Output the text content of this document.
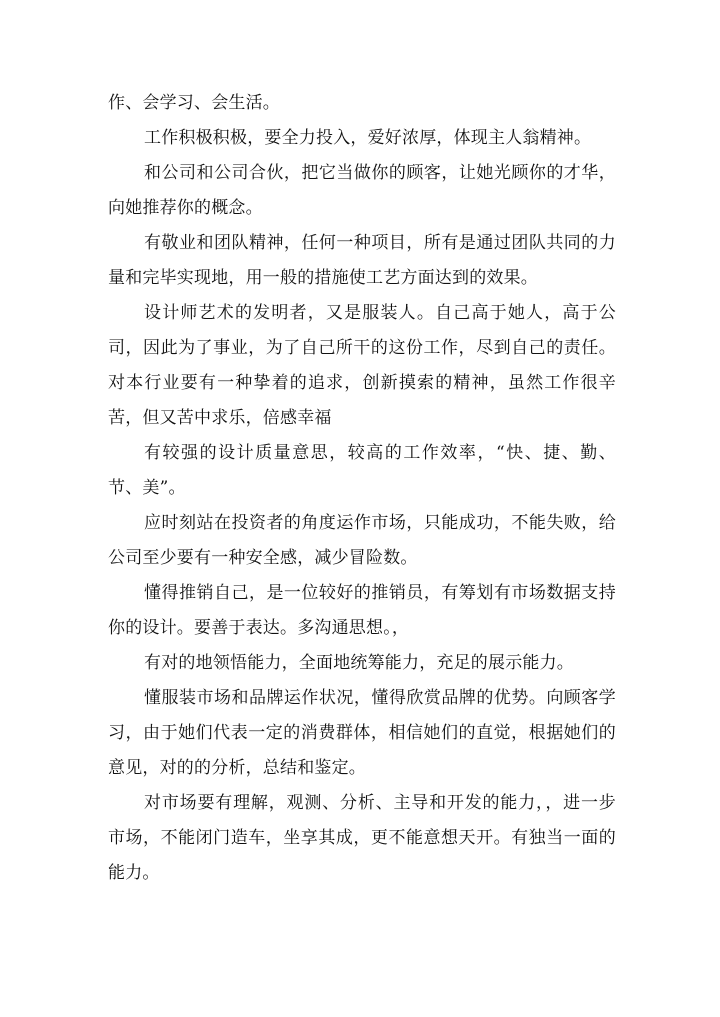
作、会学习、会生活。

工作积极积极，要全力投入，爱好浓厚，体现主人翁精神。

和公司和公司合伙，把它当做你的顾客，让她光顾你的才华，向她推荐你的概念。

有敬业和团队精神，任何一种项目，所有是通过团队共同的力量和完毕实现地，用一般的措施使工艺方面达到的效果。

设计师艺术的发明者，又是服装人。自己高于她人，高于公司，因此为了事业，为了自己所干的这份工作，尽到自己的责任。对本行业要有一种挚着的追求，创新摸索的精神，虽然工作很辛苦，但又苦中求乐，倍感幸福

有较强的设计质量意思，较高的工作效率，“快、捷、勤、节、美”。

应时刻站在投资者的角度运作市场，只能成功，不能失败，给公司至少要有一种安全感，减少冒险数。

懂得推销自己，是一位较好的推销员，有筹划有市场数据支持你的设计。要善于表达。多沟通思想。，

有对的地领悟能力，全面地统筹能力，充足的展示能力。

懂服装市场和品牌运作状况，懂得欣赏品牌的优势。向顾客学习，由于她们代表一定的消费群体，相信她们的直觉，根据她们的意见，对的的分析，总结和鉴定。

对市场要有理解，观测、分析、主导和开发的能力，，进一步市场，不能闭门造车，坐享其成，更不能意想天开。有独当一面的能力。
